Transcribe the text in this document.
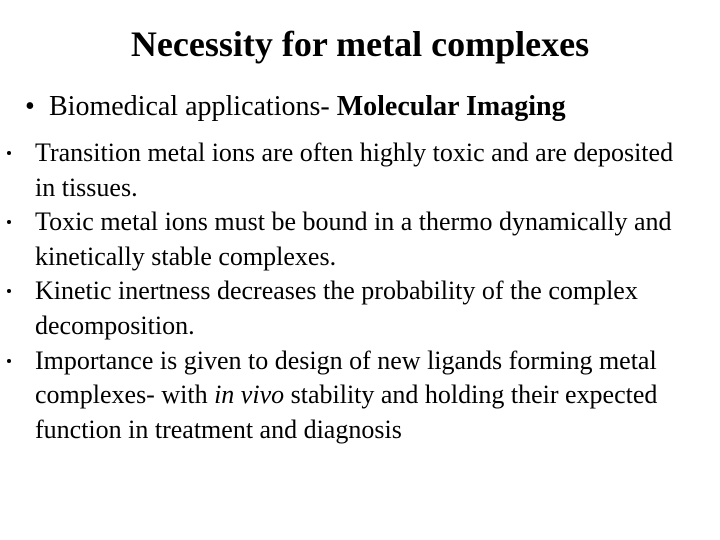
Necessity for metal complexes
• Biomedical applications- Molecular Imaging
Transition metal ions are often highly toxic and are deposited in tissues.
Toxic metal ions must be bound in a thermo dynamically and kinetically stable complexes.
Kinetic inertness decreases the probability of the complex decomposition.
Importance is given to design of new ligands forming metal complexes- with in vivo stability and holding their expected function in treatment and diagnosis
